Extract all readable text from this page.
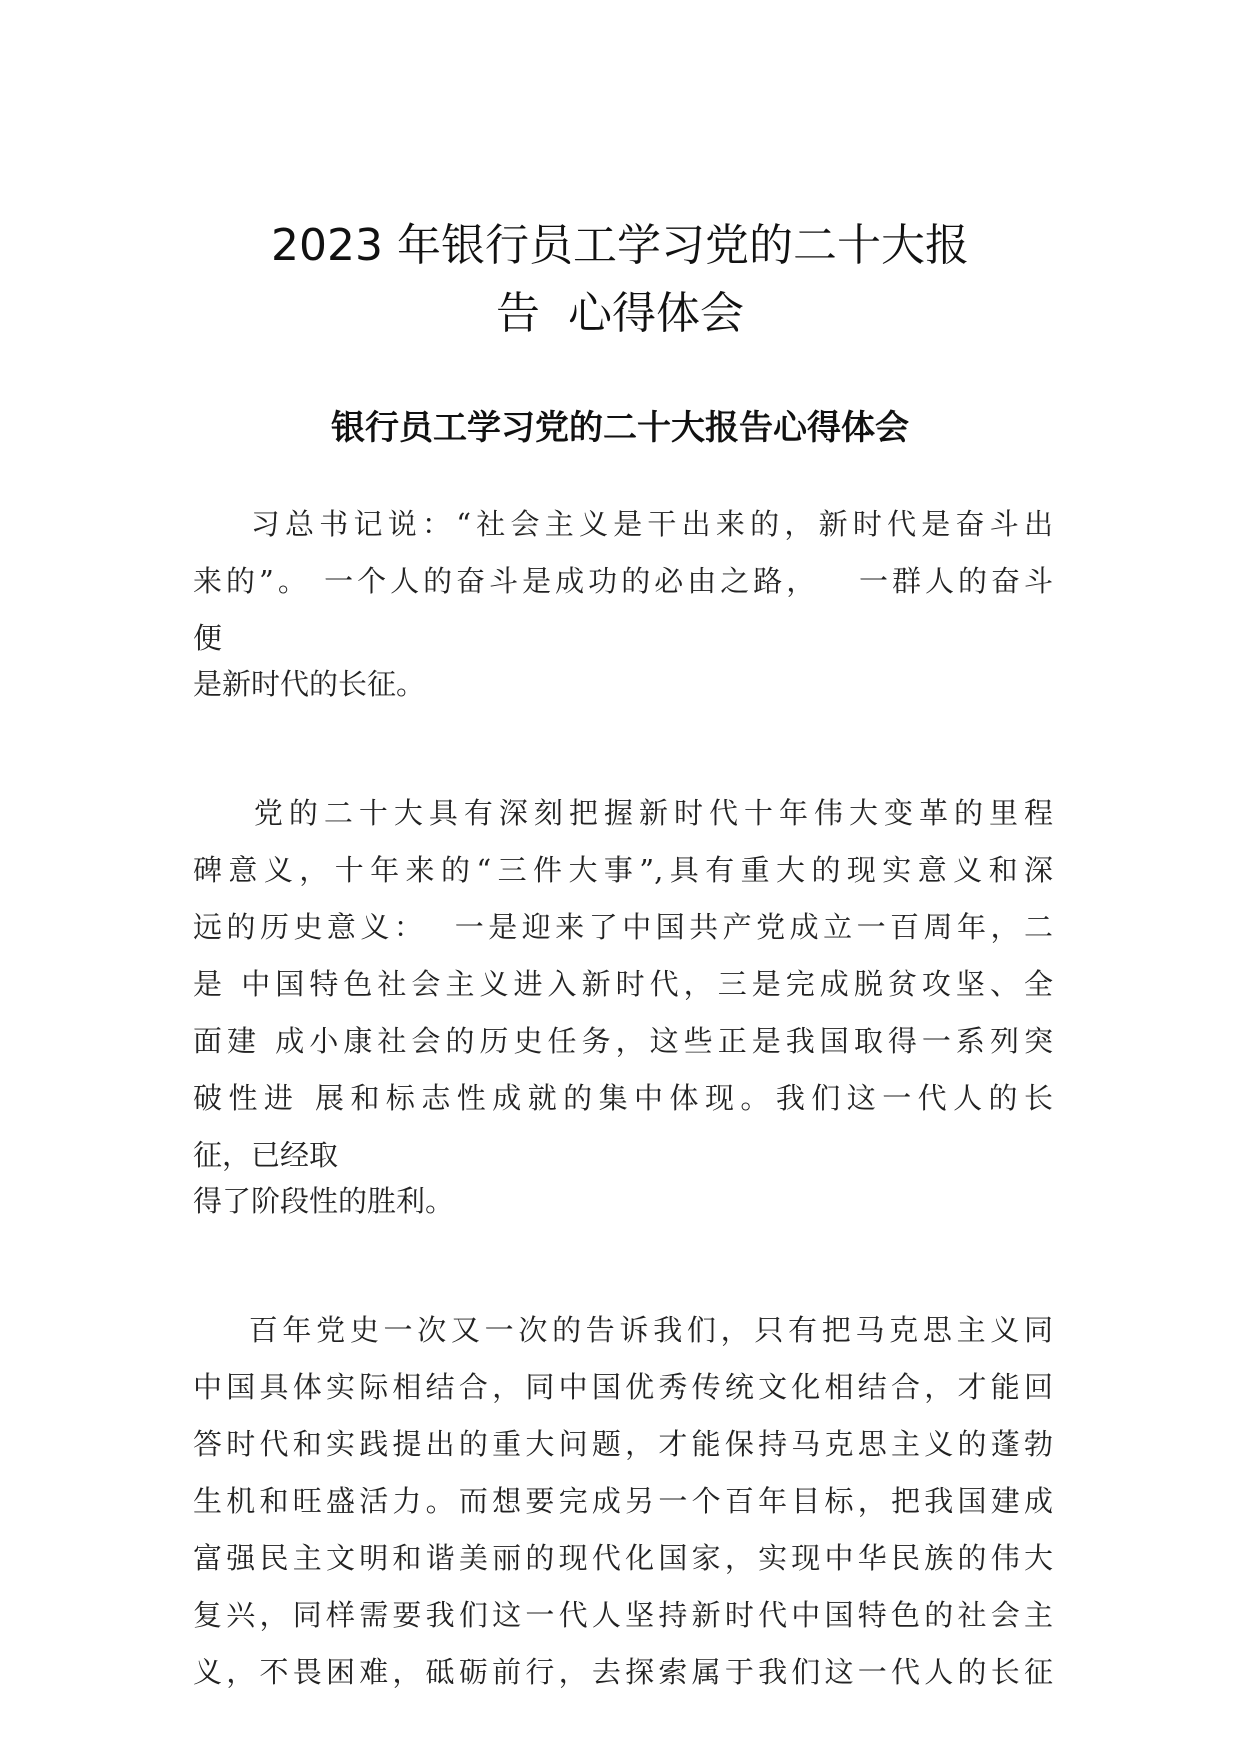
2023 年银行员工学习党的二十大报
告  心得体会
银行员工学习党的二十大报告心得体会
习总书记说：“社会主义是干出来的，新时代是奋斗出
来的”。 一个人的奋斗是成功的必由之路，   一群人的奋斗
便
是新时代的长征。
党的二十大具有深刻把握新时代十年伟大变革的里程
碑意义，十年来的“三件大事”,具有重大的现实意义和深
远的历史意义：  一是迎来了中国共产党成立一百周年，二
是 中国特色社会主义进入新时代，三是完成脱贫攻坚、全
面建 成小康社会的历史任务，这些正是我国取得一系列突
破性进 展和标志性成就的集中体现。我们这一代人的长
征，已经取
得了阶段性的胜利。
百年党史一次又一次的告诉我们，只有把马克思主义同
中国具体实际相结合，同中国优秀传统文化相结合，才能回
答时代和实践提出的重大问题，才能保持马克思主义的蓬勃
生机和旺盛活力。而想要完成另一个百年目标，把我国建成
富强民主文明和谐美丽的现代化国家，实现中华民族的伟大
复兴，同样需要我们这一代人坚持新时代中国特色的社会主
义，不畏困难，砥砺前行，去探索属于我们这一代人的长征
